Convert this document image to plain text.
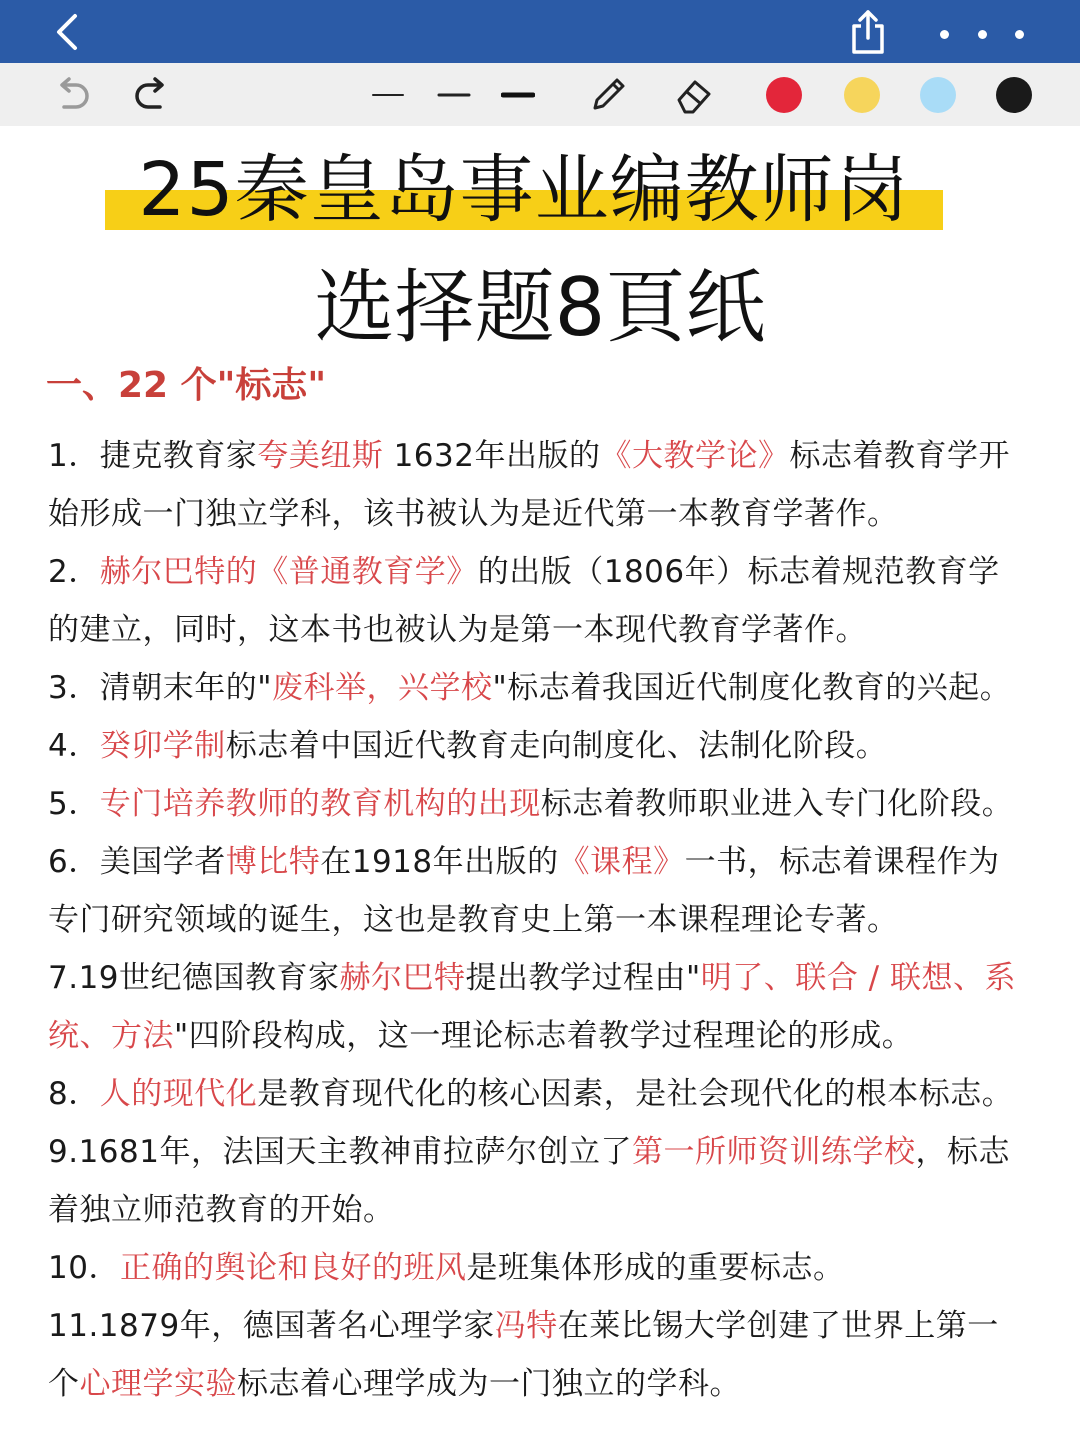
25秦皇岛事业编教师岗
选择题8頁纸
一、22 个"标志"
1．捷克教育家夸美纽斯 1632年出版的《大教学论》标志着教育学开
始形成一门独立学科，该书被认为是近代第一本教育学著作。
2．赫尔巴特的《普通教育学》的出版（1806年）标志着规范教育学
的建立，同时，这本书也被认为是第一本现代教育学著作。
3．清朝末年的"废科举，兴学校"标志着我国近代制度化教育的兴起。
4．癸卯学制标志着中国近代教育走向制度化、法制化阶段。
5．专门培养教师的教育机构的出现标志着教师职业进入专门化阶段。
6．美国学者博比特在1918年出版的《课程》一书，标志着课程作为
专门研究领域的诞生，这也是教育史上第一本课程理论专著。
7.19世纪德国教育家赫尔巴特提出教学过程由"明了、联合 / 联想、系
统、方法"四阶段构成，这一理论标志着教学过程理论的形成。
8．人的现代化是教育现代化的核心因素，是社会现代化的根本标志。
9.1681年，法国天主教神甫拉萨尔创立了第一所师资训练学校，标志
着独立师范教育的开始。
10．正确的舆论和良好的班风是班集体形成的重要标志。
11.1879年，德国著名心理学家冯特在莱比锡大学创建了世界上第一
个心理学实验标志着心理学成为一门独立的学科。
